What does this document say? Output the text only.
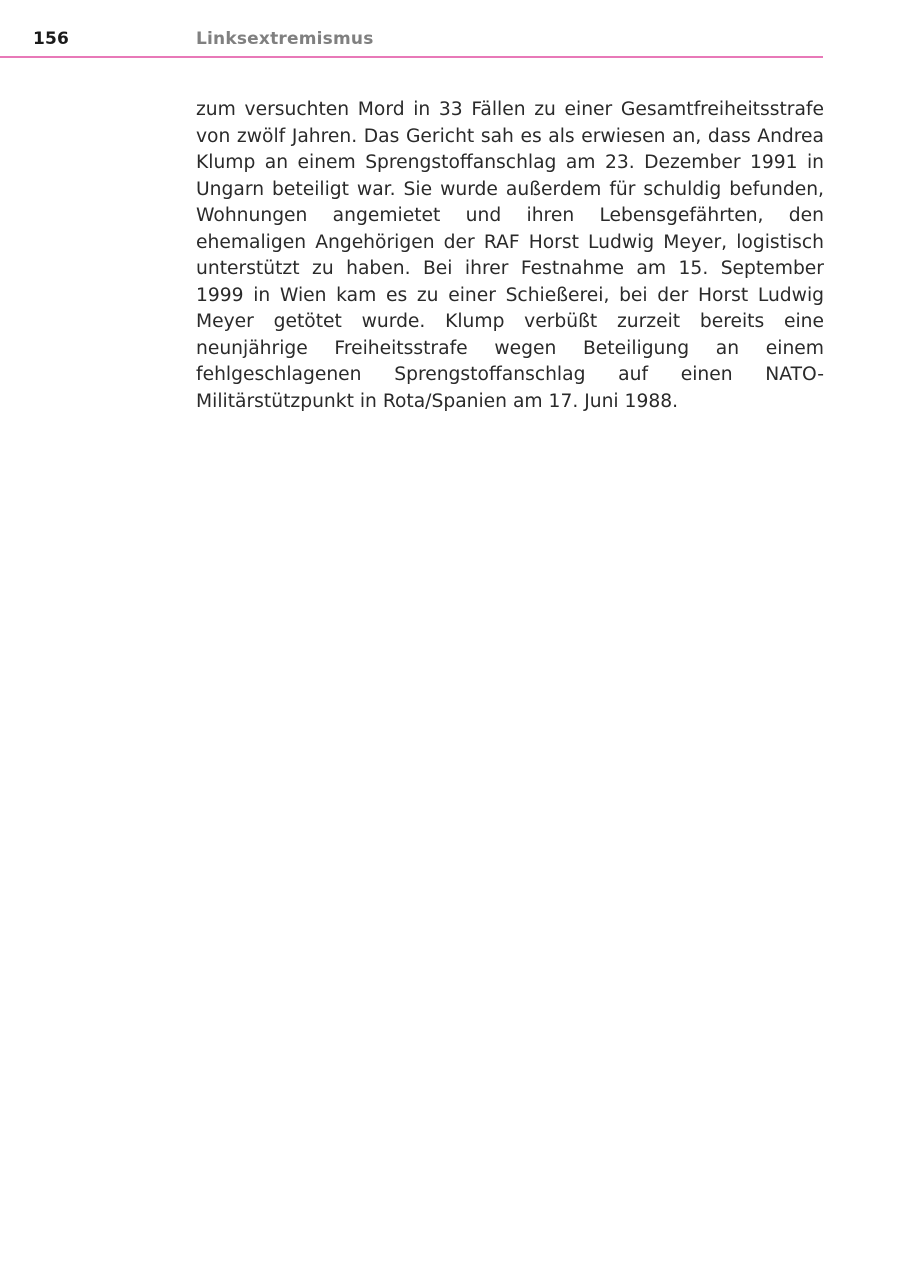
156	Linksextremismus

zum versuchten Mord in 33 Fällen zu einer Gesamtfreiheitsstrafe von zwölf Jahren. Das Gericht sah es als erwiesen an, dass Andrea Klump an einem Sprengstoffanschlag am 23. Dezember 1991 in Ungarn beteiligt war. Sie wurde außerdem für schuldig befunden, Wohnungen angemietet und ihren Lebensgefährten, den ehemaligen Angehörigen der RAF Horst Ludwig Meyer, logistisch unterstützt zu haben. Bei ihrer Festnahme am 15. September 1999 in Wien kam es zu einer Schießerei, bei der Horst Ludwig Meyer getötet wurde. Klump verbüßt zurzeit bereits eine neunjährige Freiheitsstrafe wegen Beteiligung an einem fehlgeschlagenen Sprengstoffanschlag auf einen NATO-Militärstützpunkt in Rota/Spanien am 17. Juni 1988.
